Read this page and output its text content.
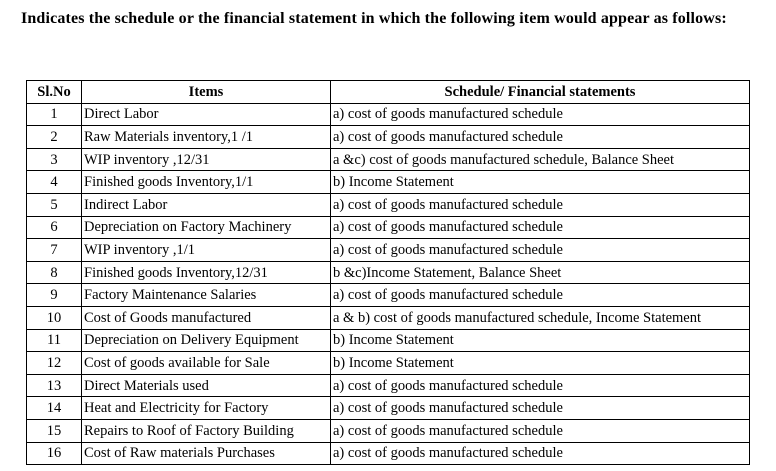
Indicates the schedule or the financial statement in which the following item would appear as follows:

Sl.No	Items	Schedule/ Financial statements
1	Direct Labor	a) cost of goods manufactured schedule
2	Raw Materials inventory,1 /1	a) cost of goods manufactured schedule
3	WIP inventory ,12/31	a &c) cost of goods manufactured schedule, Balance Sheet
4	Finished goods Inventory,1/1	b) Income Statement
5	Indirect Labor	a) cost of goods manufactured schedule
6	Depreciation on Factory Machinery	a) cost of goods manufactured schedule
7	WIP inventory ,1/1	a) cost of goods manufactured schedule
8	Finished goods Inventory,12/31	b &c)Income Statement, Balance Sheet
9	Factory Maintenance Salaries	a) cost of goods manufactured schedule
10	Cost of Goods manufactured	a & b) cost of goods manufactured schedule, Income Statement
11	Depreciation on Delivery Equipment	b) Income Statement
12	Cost of goods available for Sale	b) Income Statement
13	Direct Materials used	a) cost of goods manufactured schedule
14	Heat and Electricity for Factory	a) cost of goods manufactured schedule
15	Repairs to Roof of Factory Building	a) cost of goods manufactured schedule
16	Cost of Raw materials Purchases	a) cost of goods manufactured schedule
